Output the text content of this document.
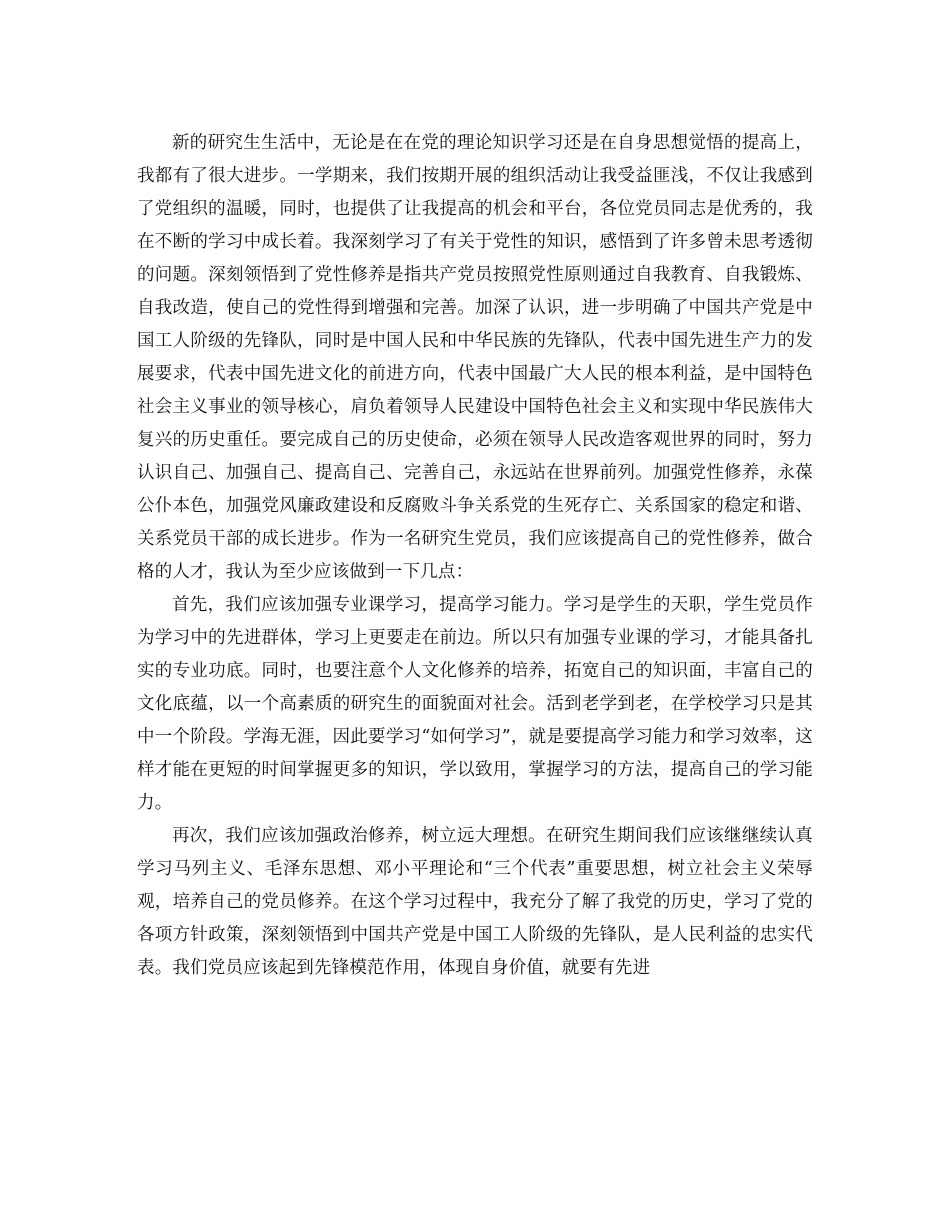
新的研究生生活中，无论是在在党的理论知识学习还是在自身思想觉悟的提高上，我都有了很大进步。一学期来，我们按期开展的组织活动让我受益匪浅，不仅让我感到了党组织的温暖，同时，也提供了让我提高的机会和平台，各位党员同志是优秀的，我在不断的学习中成长着。我深刻学习了有关于党性的知识，感悟到了许多曾未思考透彻的问题。深刻领悟到了党性修养是指共产党员按照党性原则通过自我教育、自我锻炼、自我改造，使自己的党性得到增强和完善。加深了认识，进一步明确了中国共产党是中国工人阶级的先锋队，同时是中国人民和中华民族的先锋队，代表中国先进生产力的发展要求，代表中国先进文化的前进方向，代表中国最广大人民的根本利益，是中国特色社会主义事业的领导核心，肩负着领导人民建设中国特色社会主义和实现中华民族伟大复兴的历史重任。要完成自己的历史使命，必须在领导人民改造客观世界的同时，努力认识自己、加强自己、提高自己、完善自己，永远站在世界前列。加强党性修养，永葆公仆本色，加强党风廉政建设和反腐败斗争关系党的生死存亡、关系国家的稳定和谐、关系党员干部的成长进步。作为一名研究生党员，我们应该提高自己的党性修养，做合格的人才，我认为至少应该做到一下几点：

首先，我们应该加强专业课学习，提高学习能力。学习是学生的天职，学生党员作为学习中的先进群体，学习上更要走在前边。所以只有加强专业课的学习，才能具备扎实的专业功底。同时，也要注意个人文化修养的培养，拓宽自己的知识面，丰富自己的文化底蕴，以一个高素质的研究生的面貌面对社会。活到老学到老，在学校学习只是其中一个阶段。学海无涯，因此要学习“如何学习”，就是要提高学习能力和学习效率，这样才能在更短的时间掌握更多的知识，学以致用，掌握学习的方法，提高自己的学习能力。

再次，我们应该加强政治修养，树立远大理想。在研究生期间我们应该继继续认真学习马列主义、毛泽东思想、邓小平理论和“三个代表”重要思想，树立社会主义荣辱观，培养自己的党员修养。在这个学习过程中，我充分了解了我党的历史，学习了党的各项方针政策，深刻领悟到中国共产党是中国工人阶级的先锋队，是人民利益的忠实代表。我们党员应该起到先锋模范作用，体现自身价值，就要有先进
